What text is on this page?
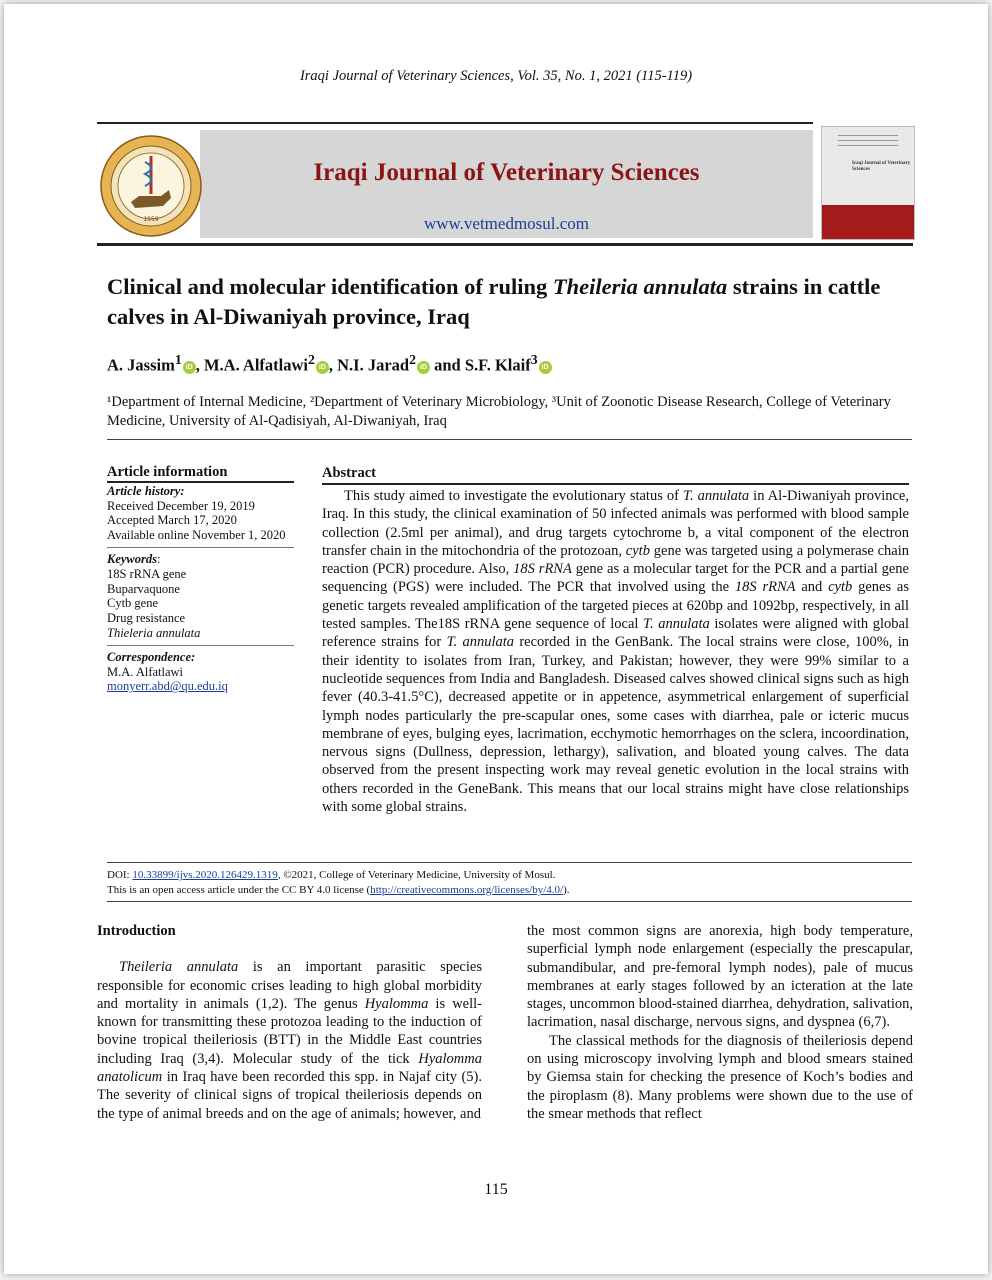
Iraqi Journal of Veterinary Sciences, Vol. 35, No. 1, 2021 (115-119)
Iraqi Journal of Veterinary Sciences
www.vetmedmosul.com
1959
Iraqi Journal of Veterinary Sciences
Clinical and molecular identification of ruling Theileria annulata strains in cattle calves in Al-Diwaniyah province, Iraq
A. Jassim$^1$ iD , M.A. Alfatlawi$^2$ iD , N.I. Jarad$^2$ iD and S.F. Klaif$^3$ iD
¹Department of Internal Medicine, ²Department of Veterinary Microbiology, ³Unit of Zoonotic Disease Research, College of Veterinary Medicine, University of Al-Qadisiyah, Al-Diwaniyah, Iraq
Article information
Article history:
Received December 19, 2019
Accepted March 17, 2020
Available online November 1, 2020
Keywords:
18S rRNA gene
Buparvaquone
Cytb gene
Drug resistance
Thieleria annulata
Correspondence:
M.A. Alfatlawi
monyerr.abd@qu.edu.iq
Abstract
This study aimed to investigate the evolutionary status of T. annulata in Al-Diwaniyah province, Iraq. In this study, the clinical examination of 50 infected animals was performed with blood sample collection (2.5ml per animal), and drug targets cytochrome b, a vital component of the electron transfer chain in the mitochondria of the protozoan, cytb gene was targeted using a polymerase chain reaction (PCR) procedure. Also, 18S rRNA gene as a molecular target for the PCR and a partial gene sequencing (PGS) were included. The PCR that involved using the 18S rRNA and cytb genes as genetic targets revealed amplification of the targeted pieces at 620bp and 1092bp, respectively, in all tested samples. The18S rRNA gene sequence of local T. annulata isolates were aligned with global reference strains for T. annulata recorded in the GenBank. The local strains were close, 100%, in their identity to isolates from Iran, Turkey, and Pakistan; however, they were 99% similar to a nucleotide sequences from India and Bangladesh. Diseased calves showed clinical signs such as high fever (40.3-41.5°C), decreased appetite or in appetence, asymmetrical enlargement of superficial lymph nodes particularly the pre-scapular ones, some cases with diarrhea, pale or icteric mucus membrane of eyes, bulging eyes, lacrimation, ecchymotic hemorrhages on the sclera, incoordination, nervous signs (Dullness, depression, lethargy), salivation, and bloated young calves. The data observed from the present inspecting work may reveal genetic evolution in the local strains with others recorded in the GeneBank. This means that our local strains might have close relationships with some global strains.
DOI: 10.33899/ijvs.2020.126429.1319, ©2021, College of Veterinary Medicine, University of Mosul.
This is an open access article under the CC BY 4.0 license (http://creativecommons.org/licenses/by/4.0/).
Introduction
Theileria annulata is an important parasitic species responsible for economic crises leading to high global morbidity and mortality in animals (1,2). The genus Hyalomma is well-known for transmitting these protozoa leading to the induction of bovine tropical theileriosis (BTT) in the Middle East countries including Iraq (3,4). Molecular study of the tick Hyalomma anatolicum in Iraq have been recorded this spp. in Najaf city (5). The severity of clinical signs of tropical theileriosis depends on the type of animal breeds and on the age of animals; however, and
the most common signs are anorexia, high body temperature, superficial lymph node enlargement (especially the prescapular, submandibular, and pre-femoral lymph nodes), pale of mucus membranes at early stages followed by an icteration at the late stages, uncommon blood-stained diarrhea, dehydration, salivation, lacrimation, nasal discharge, nervous signs, and dyspnea (6,7).
The classical methods for the diagnosis of theileriosis depend on using microscopy involving lymph and blood smears stained by Giemsa stain for checking the presence of Koch’s bodies and the piroplasm (8). Many problems were shown due to the use of the smear methods that reflect
115
